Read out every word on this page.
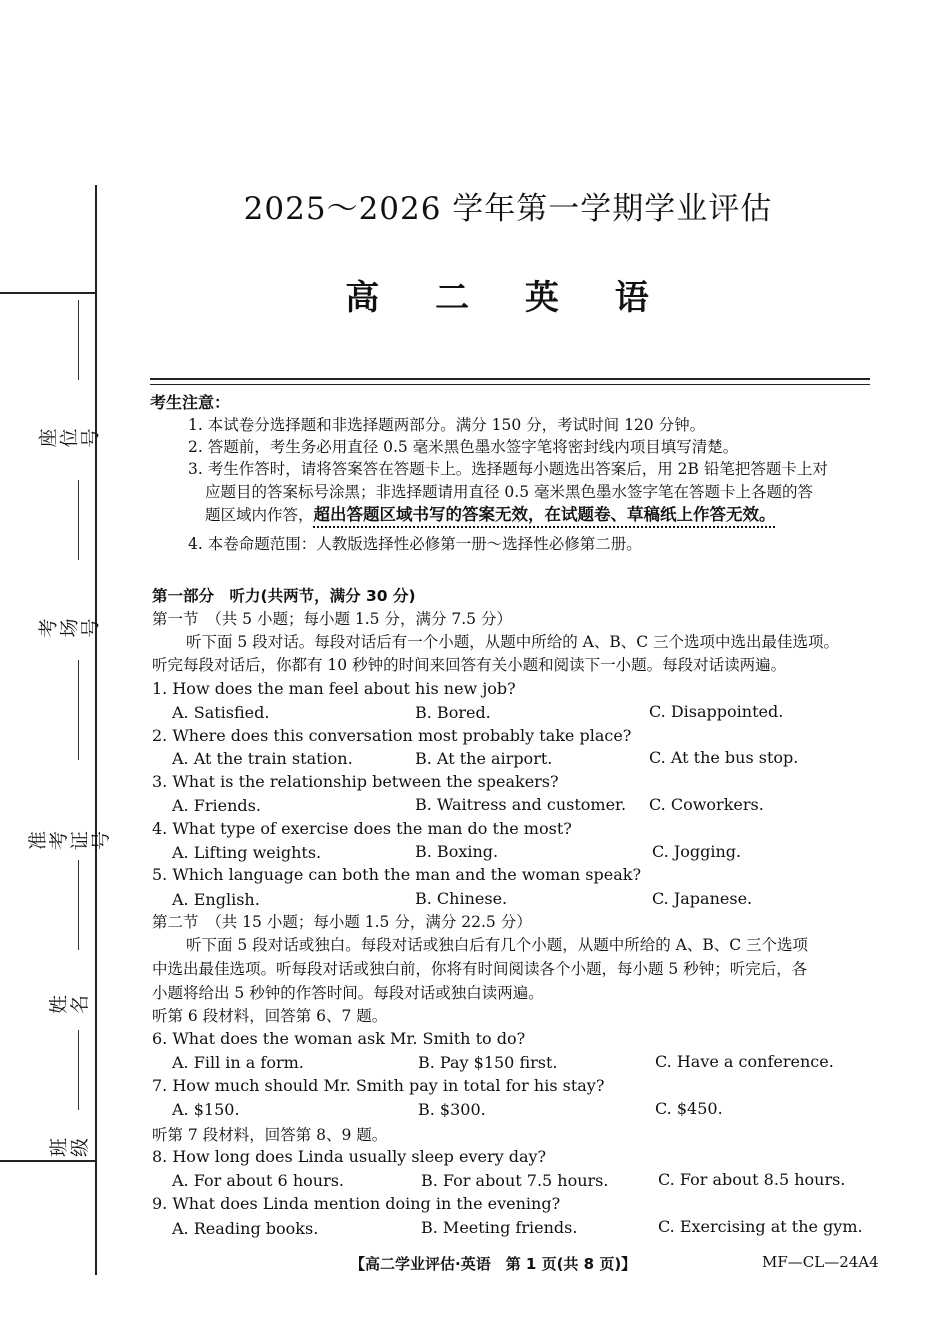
座位号
考场号
准考证号
姓名
班级
2025～2026 学年第一学期学业评估
高 二 英 语
考生注意：
1. 本试卷分选择题和非选择题两部分。满分 150 分，考试时间 120 分钟。
2. 答题前，考生务必用直径 0.5 毫米黑色墨水签字笔将密封线内项目填写清楚。
3. 考生作答时，请将答案答在答题卡上。选择题每小题选出答案后，用 2B 铅笔把答题卡上对
应题目的答案标号涂黑；非选择题请用直径 0.5 毫米黑色墨水签字笔在答题卡上各题的答
题区域内作答，超出答题区域书写的答案无效，在试题卷、草稿纸上作答无效。
4. 本卷命题范围：人教版选择性必修第一册～选择性必修第二册。
第一部分　听力(共两节，满分 30 分)
第一节　（共 5 小题；每小题 1.5 分，满分 7.5 分）
听下面 5 段对话。每段对话后有一个小题，从题中所给的 A、B、C 三个选项中选出最佳选项。
听完每段对话后，你都有 10 秒钟的时间来回答有关小题和阅读下一小题。每段对话读两遍。
1. How does the man feel about his new job?
A. Satisfied.	B. Bored.	C. Disappointed.
2. Where does this conversation most probably take place?
A. At the train station.	B. At the airport.	C. At the bus stop.
3. What is the relationship between the speakers?
A. Friends.	B. Waitress and customer. C. Coworkers.
4. What type of exercise does the man do the most?
A. Lifting weights.	B. Boxing.	C. Jogging.
5. Which language can both the man and the woman speak?
A. English.	B. Chinese.	C. Japanese.
第二节　（共 15 小题；每小题 1.5 分，满分 22.5 分）
听下面 5 段对话或独白。每段对话或独白后有几个小题，从题中所给的 A、B、C 三个选项
中选出最佳选项。听每段对话或独白前，你将有时间阅读各个小题，每小题 5 秒钟；听完后，各
小题将给出 5 秒钟的作答时间。每段对话或独白读两遍。
听第 6 段材料，回答第 6、7 题。
6. What does the woman ask Mr. Smith to do?
A. Fill in a form.	B. Pay $150 first.	C. Have a conference.
7. How much should Mr. Smith pay in total for his stay?
A. $150.	B. $300.	C. $450.
听第 7 段材料，回答第 8、9 题。
8. How long does Linda usually sleep every day?
A. For about 6 hours.	B. For about 7.5 hours.	C. For about 8.5 hours.
9. What does Linda mention doing in the evening?
A. Reading books.	B. Meeting friends.	C. Exercising at the gym.
【高二学业评估·英语　第 1 页(共 8 页)】	MF—CL—24A4
